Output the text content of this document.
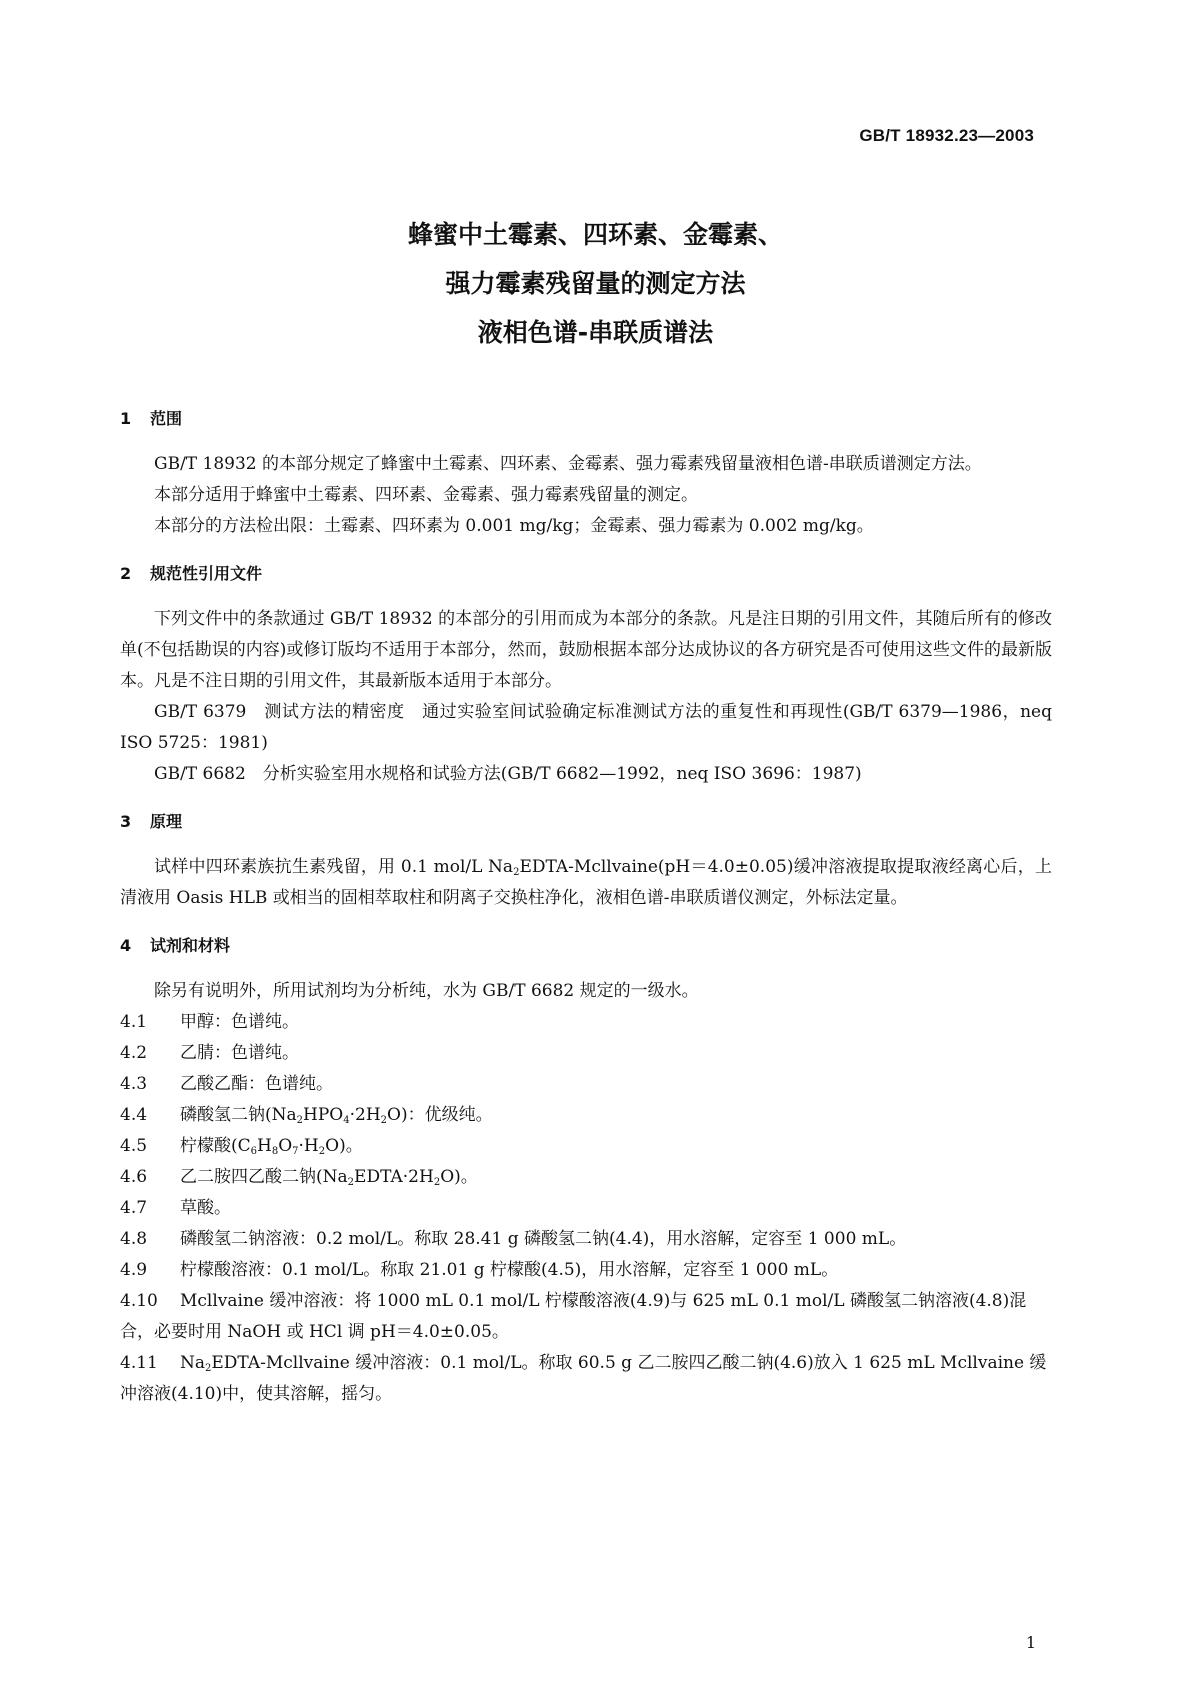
GB/T 18932.23—2003
蜂蜜中土霉素、四环素、金霉素、
强力霉素残留量的测定方法
液相色谱-串联质谱法
1 范围

GB/T 18932 的本部分规定了蜂蜜中土霉素、四环素、金霉素、强力霉素残留量液相色谱-串联质谱测定方法。

本部分适用于蜂蜜中土霉素、四环素、金霉素、强力霉素残留量的测定。

本部分的方法检出限：土霉素、四环素为 0.001 mg/kg；金霉素、强力霉素为 0.002 mg/kg。

2 规范性引用文件

下列文件中的条款通过 GB/T 18932 的本部分的引用而成为本部分的条款。凡是注日期的引用文件，其随后所有的修改单(不包括勘误的内容)或修订版均不适用于本部分，然而，鼓励根据本部分达成协议的各方研究是否可使用这些文件的最新版本。凡是不注日期的引用文件，其最新版本适用于本部分。

GB/T 6379　测试方法的精密度　通过实验室间试验确定标准测试方法的重复性和再现性(GB/T 6379—1986，neq ISO 5725：1981)

GB/T 6682　分析实验室用水规格和试验方法(GB/T 6682—1992，neq ISO 3696：1987)

3 原理

试样中四环素族抗生素残留，用 0.1 mol/L $Na_2EDTA-Mcllvaine(pH=4.0\pm 0.05)$缓冲溶液提取提取液经离心后，上清液用 Oasis HLB 或相当的固相萃取柱和阴离子交换柱净化，液相色谱-串联质谱仪测定，外标法定量。

4 试剂和材料

除另有说明外，所用试剂均为分析纯，水为 GB/T 6682 规定的一级水。

4.1 甲醇：色谱纯。

4.2 乙腈：色谱纯。

4.3 乙酸乙酯：色谱纯。

4.4 磷酸氢二钠$(Na_2HPO_4\cdot 2H_2O)$：优级纯。

4.5 柠檬酸$(C_6H_8O_7\cdot H_2O)$。

4.6 乙二胺四乙酸二钠$(Na_2EDTA\cdot 2H_2O)$。

4.7 草酸。

4.8 磷酸氢二钠溶液：0.2 mol/L。称取 28.41 g 磷酸氢二钠(4.4)，用水溶解，定容至 1 000 mL。

4.9 柠檬酸溶液：0.1 mol/L。称取 21.01 g 柠檬酸(4.5)，用水溶解，定容至 1 000 mL。

4.10 Mcllvaine 缓冲溶液：将 1000 mL 0.1 mol/L 柠檬酸溶液(4.9)与 625 mL 0.1 mol/L 磷酸氢二钠溶液(4.8)混合，必要时用 NaOH 或 HCl 调 pH＝4.0±0.05。

4.11 $Na_2EDTA$-Mcllvaine 缓冲溶液：0.1 mol/L。称取 60.5 g 乙二胺四乙酸二钠(4.6)放入 1 625 mL Mcllvaine 缓冲溶液(4.10)中，使其溶解，摇匀。

1
